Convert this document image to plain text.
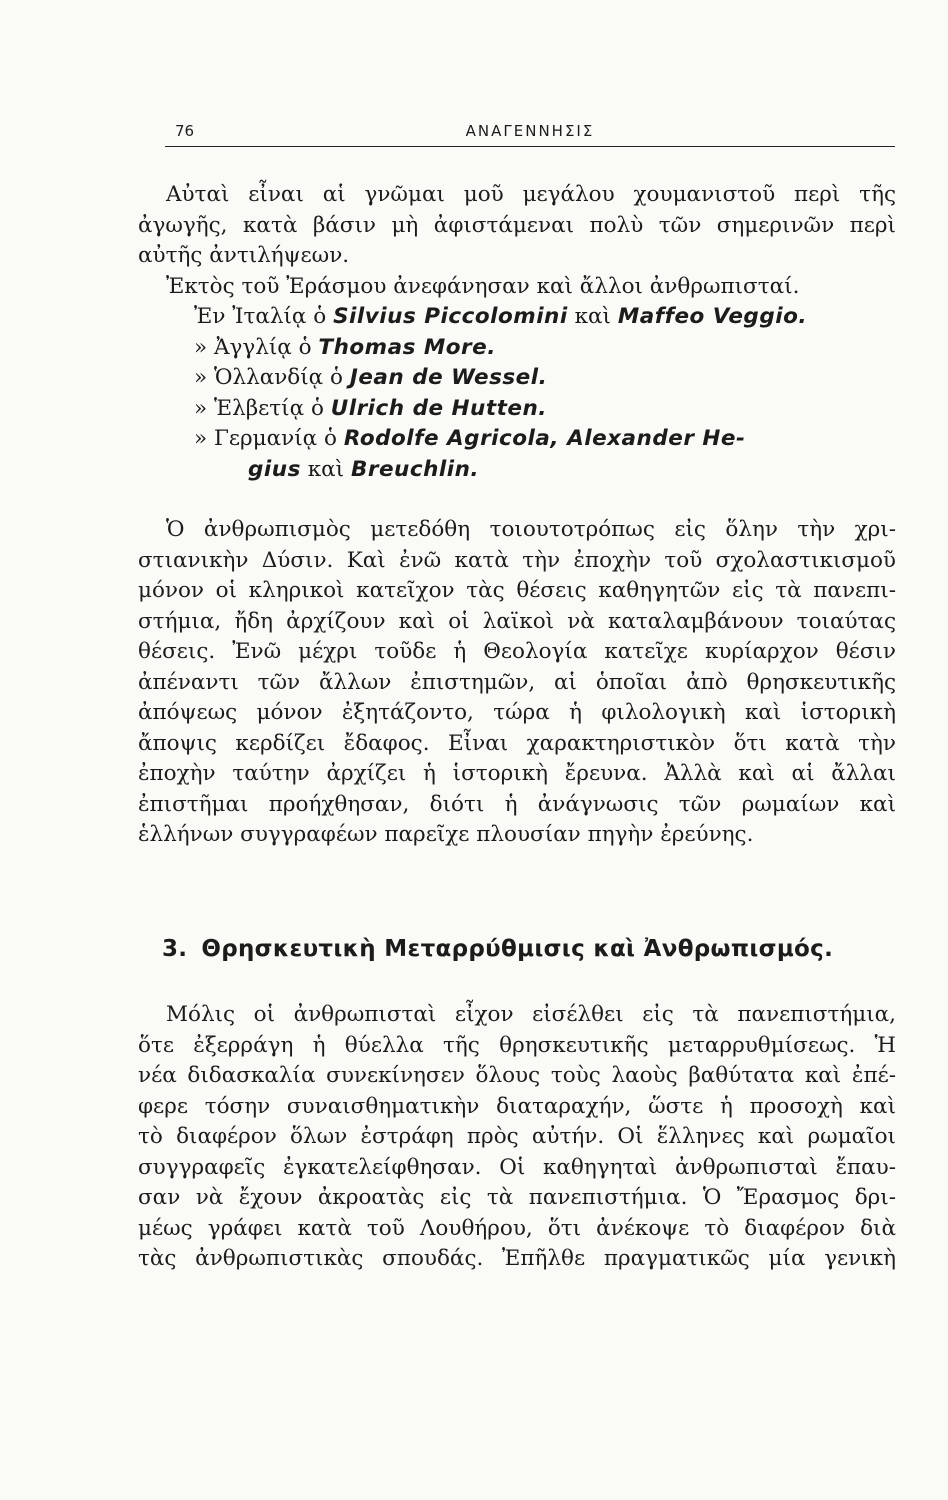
76	ΑΝΑΓΕΝΝΗΣΙΣ
Αὐταὶ εἶναι αἱ γνῶμαι μοῦ μεγάλου χουμανιστοῦ περὶ τῆς
ἀγωγῆς, κατὰ βάσιν μὴ ἀφιστάμεναι πολὺ τῶν σημερινῶν περὶ
αὐτῆς ἀντιλήψεων.
Ἐκτὸς τοῦ Ἐράσμου ἀνεφάνησαν καὶ ἄλλοι ἀνθρωπισταί.
Ἐν Ἰταλίᾳ ὁ Silvius Piccolomini καὶ Maffeo Veggio.
» Ἀγγλίᾳ ὁ Thomas More.
» Ὁλλανδίᾳ ὁ Jean de Wessel.
» Ἑλβετίᾳ ὁ Ulrich de Hutten.
» Γερμανίᾳ ὁ Rodolfe Agricola, Alexander He-
gius καὶ Breuchlin.
Ὁ ἀνθρωπισμὸς μετεδόθη τοιουτοτρόπως εἰς ὅλην τὴν χρι-
στιανικὴν Δύσιν. Καὶ ἐνῶ κατὰ τὴν ἐποχὴν τοῦ σχολαστικισμοῦ
μόνον οἱ κληρικοὶ κατεῖχον τὰς θέσεις καθηγητῶν εἰς τὰ πανεπι-
στήμια, ἤδη ἀρχίζουν καὶ οἱ λαϊκοὶ νὰ καταλαμβάνουν τοιαύτας
θέσεις. Ἐνῶ μέχρι τοῦδε ἡ Θεολογία κατεῖχε κυρίαρχον θέσιν
ἀπέναντι τῶν ἄλλων ἐπιστημῶν, αἱ ὁποῖαι ἀπὸ θρησκευτικῆς
ἀπόψεως μόνον ἐξητάζοντο, τώρα ἡ φιλολογικὴ καὶ ἱστορικὴ
ἄποψις κερδίζει ἔδαφος. Εἶναι χαρακτηριστικὸν ὅτι κατὰ τὴν
ἐποχὴν ταύτην ἀρχίζει ἡ ἱστορικὴ ἔρευνα. Ἀλλὰ καὶ αἱ ἄλλαι
ἐπιστῆμαι προήχθησαν, διότι ἡ ἀνάγνωσις τῶν ρωμαίων καὶ
ἑλλήνων συγγραφέων παρεῖχε πλουσίαν πηγὴν ἐρεύνης.
3. Θρησκευτικὴ Μεταρρύθμισις καὶ Ἀνθρωπισμός.
Μόλις οἱ ἀνθρωπισταὶ εἶχον εἰσέλθει εἰς τὰ πανεπιστήμια,
ὅτε ἐξερράγη ἡ θύελλα τῆς θρησκευτικῆς μεταρρυθμίσεως. Ἡ
νέα διδασκαλία συνεκίνησεν ὅλους τοὺς λαοὺς βαθύτατα καὶ ἐπέ-
φερε τόσην συναισθηματικὴν διαταραχήν, ὥστε ἡ προσοχὴ καὶ
τὸ διαφέρον ὅλων ἐστράφη πρὸς αὐτήν. Οἱ ἕλληνες καὶ ρωμαῖοι
συγγραφεῖς ἐγκατελείφθησαν. Οἱ καθηγηταὶ ἀνθρωπισταὶ ἔπαυ-
σαν νὰ ἔχουν ἀκροατὰς εἰς τὰ πανεπιστήμια. Ὁ Ἔρασμος δρι-
μέως γράφει κατὰ τοῦ Λουθήρου, ὅτι ἀνέκοψε τὸ διαφέρον διὰ
τὰς ἀνθρωπιστικὰς σπουδάς. Ἐπῆλθε πραγματικῶς μία γενικὴ
